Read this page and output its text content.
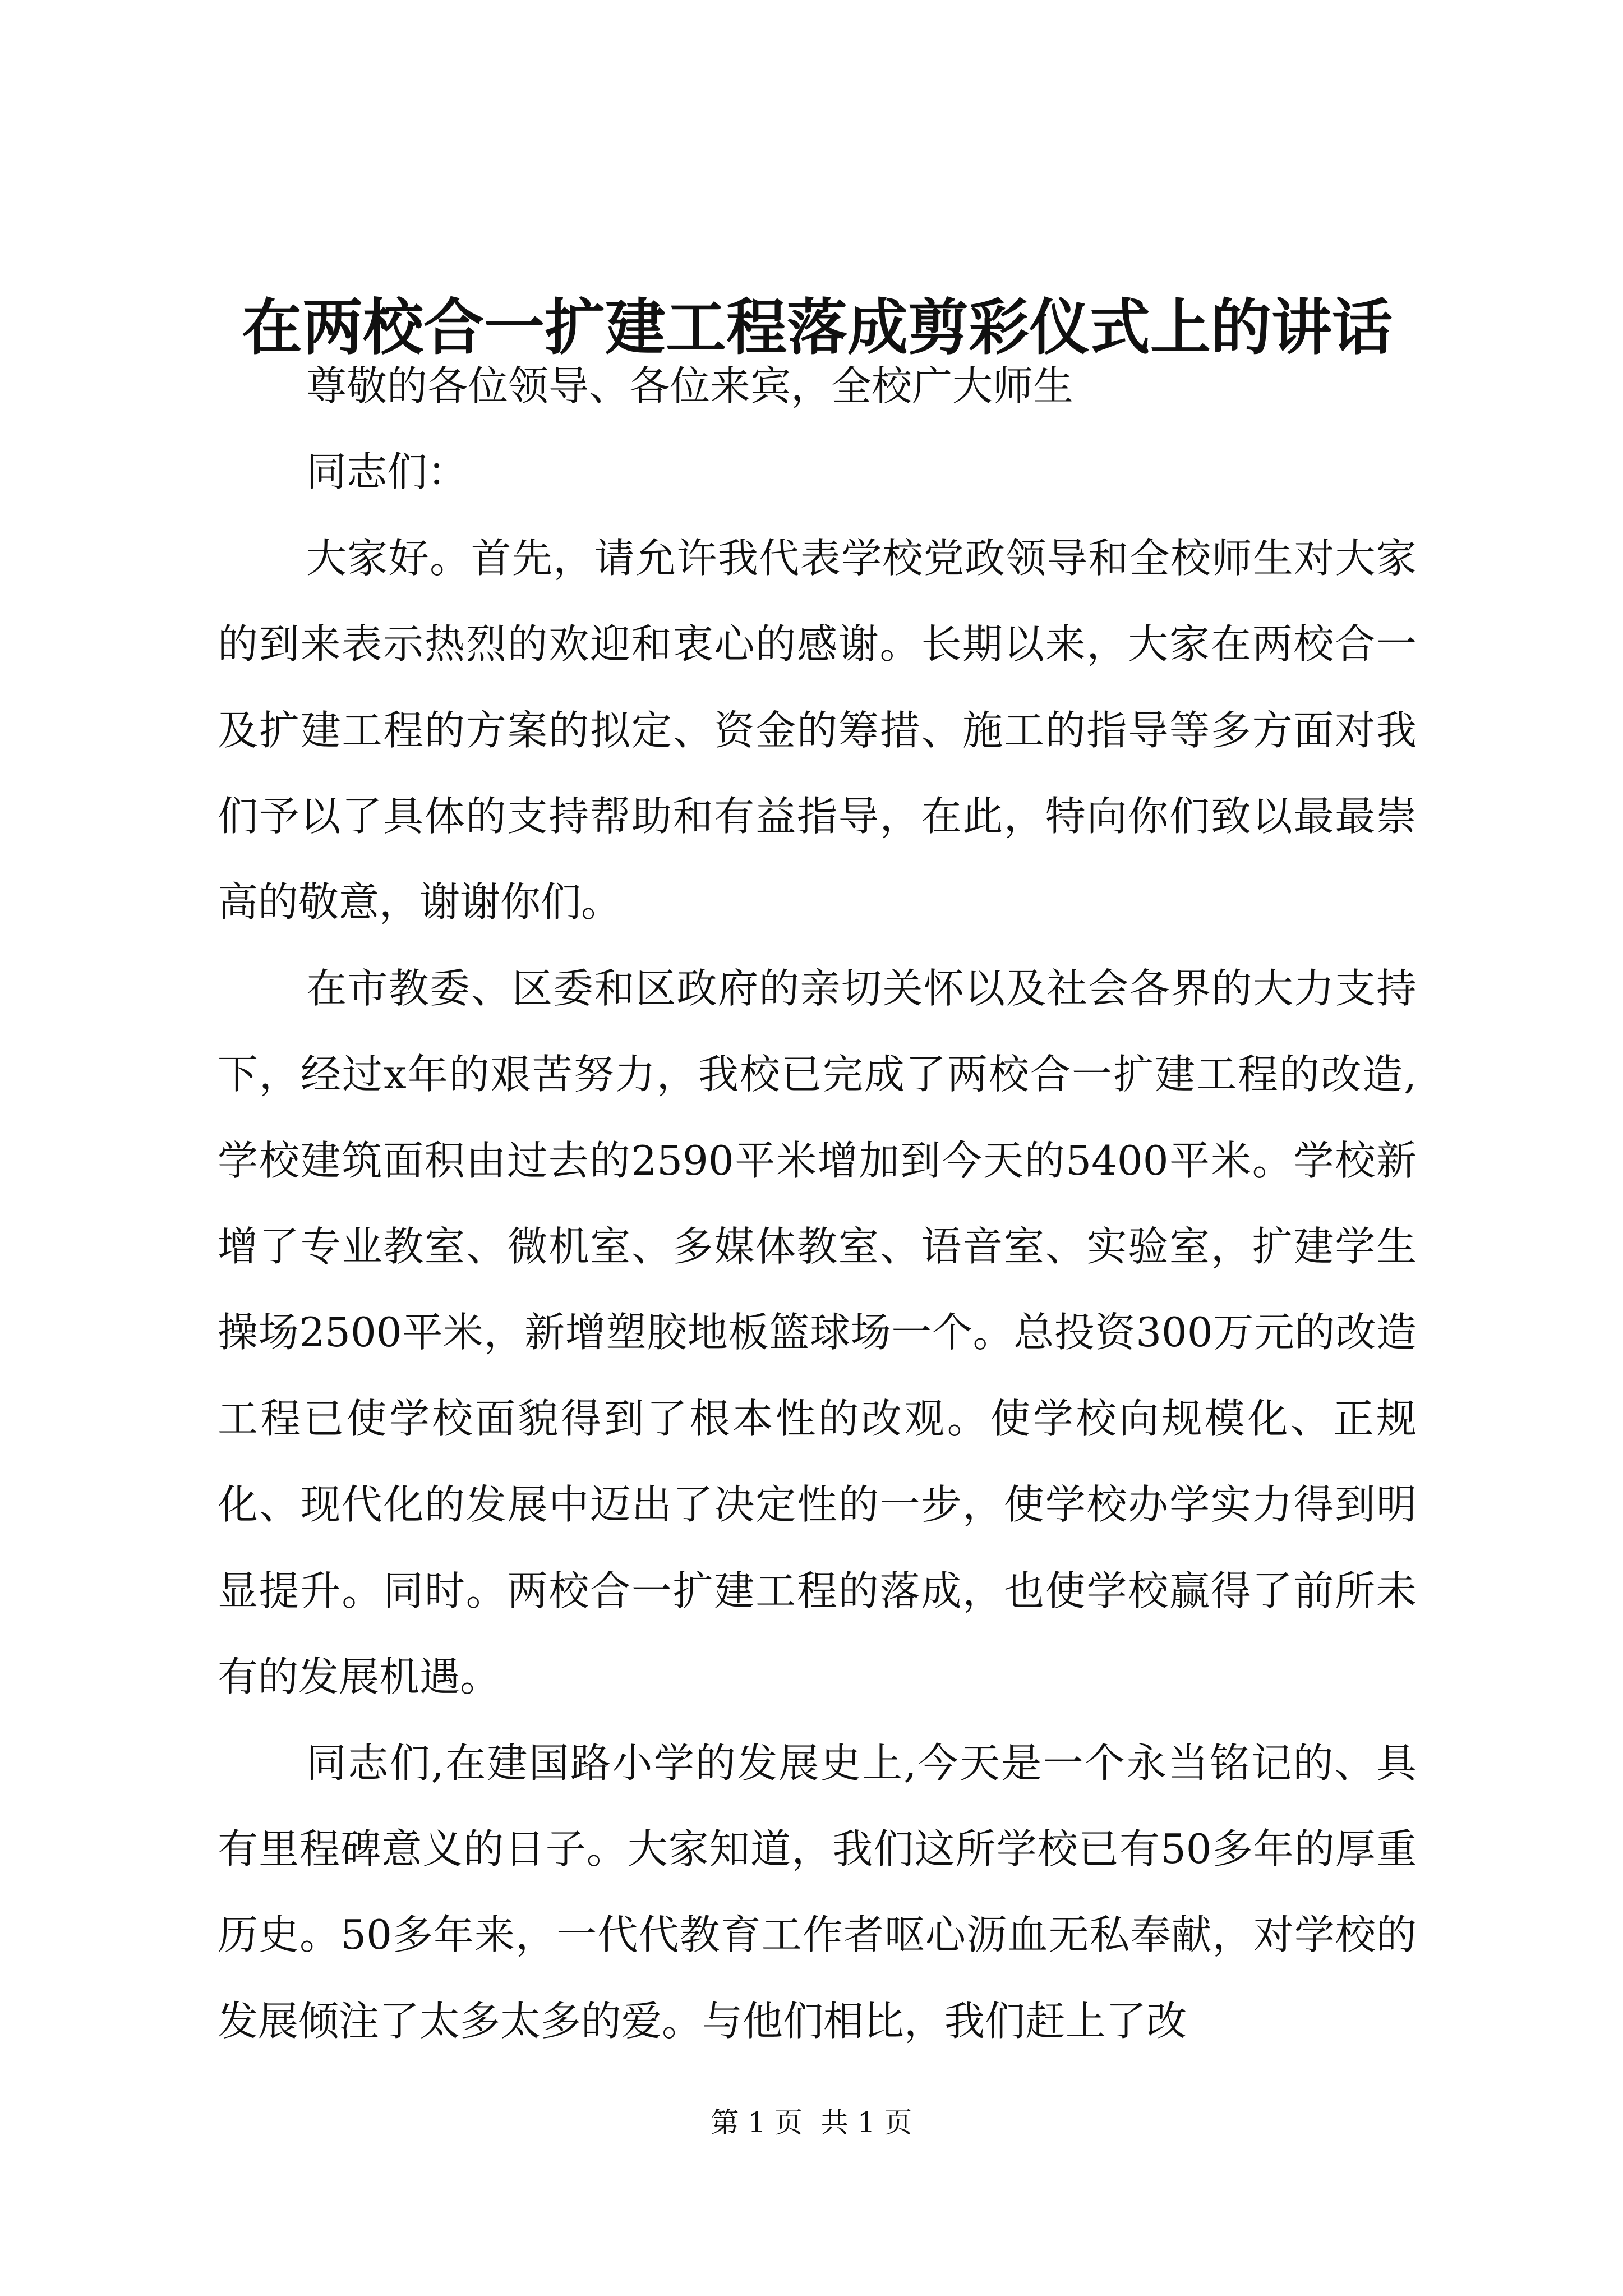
在两校合一扩建工程落成剪彩仪式上的讲话

尊敬的各位领导、各位来宾，全校广大师生

同志们：

大家好。首先，请允许我代表学校党政领导和全校师生对大家的到来表示热烈的欢迎和衷心的感谢。长期以来，大家在两校合一及扩建工程的方案的拟定、资金的筹措、施工的指导等多方面对我们予以了具体的支持帮助和有益指导，在此，特向你们致以最最崇高的敬意，谢谢你们。

在市教委、区委和区政府的亲切关怀以及社会各界的大力支持下，经过x年的艰苦努力，我校已完成了两校合一扩建工程的改造,学校建筑面积由过去的2590平米增加到今天的5400平米。学校新增了专业教室、微机室、多媒体教室、语音室、实验室，扩建学生操场2500平米，新增塑胶地板篮球场一个。总投资300万元的改造工程已使学校面貌得到了根本性的改观。使学校向规模化、正规化、现代化的发展中迈出了决定性的一步，使学校办学实力得到明显提升。同时。两校合一扩建工程的落成，也使学校赢得了前所未有的发展机遇。

同志们,在建国路小学的发展史上,今天是一个永当铭记的、具有里程碑意义的日子。大家知道，我们这所学校已有50多年的厚重历史。50多年来，一代代教育工作者呕心沥血无私奉献，对学校的发展倾注了太多太多的爱。与他们相比，我们赶上了改

第 1 页  共 1 页
